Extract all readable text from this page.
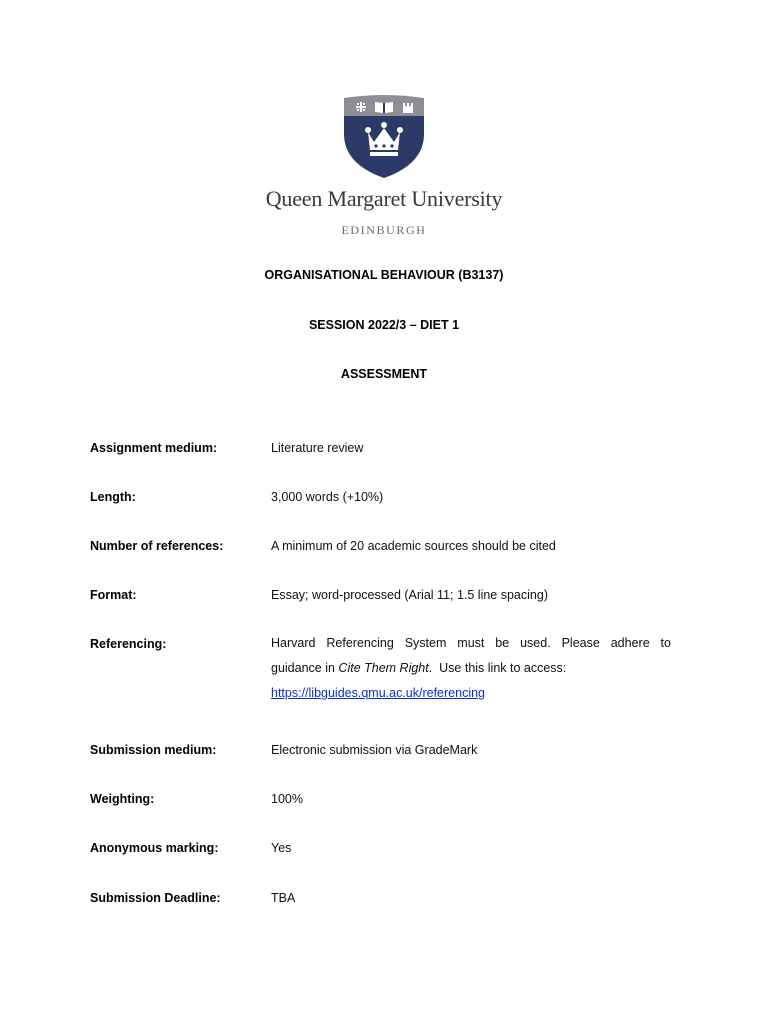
Queen Margaret University
EDINBURGH
ORGANISATIONAL BEHAVIOUR (B3137)
SESSION 2022/3 – DIET 1
ASSESSMENT
Assignment medium:	Literature review
Length:	3,000 words (+10%)
Number of references:	A minimum of 20 academic sources should be cited
Format:	Essay; word-processed (Arial 11; 1.5 line spacing)
Referencing:	Harvard Referencing System must be used. Please adhere to
guidance in Cite Them Right.  Use this link to access:
https://libguides.qmu.ac.uk/referencing
Submission medium:	Electronic submission via GradeMark
Weighting:	100%
Anonymous marking:	Yes
Submission Deadline:	TBA
